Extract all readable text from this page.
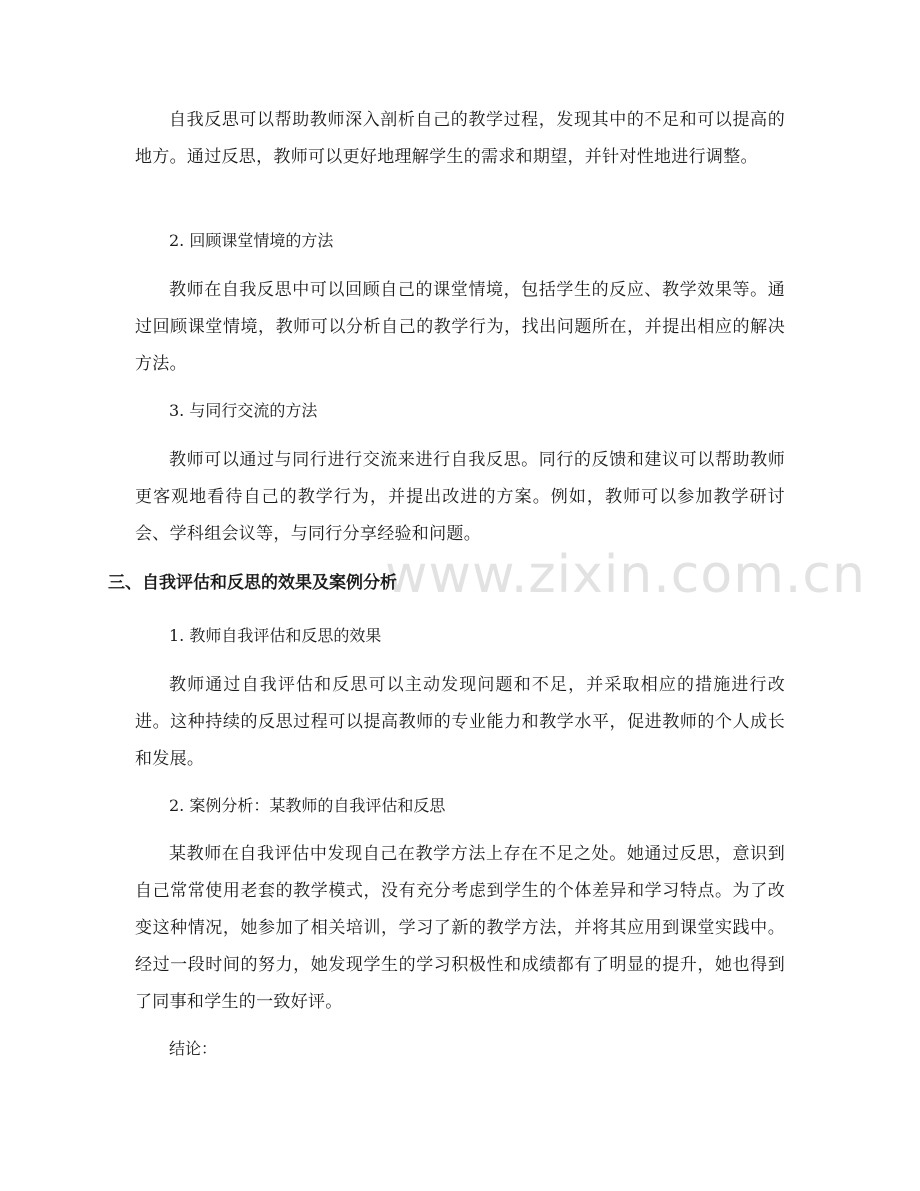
www.zixin.com.cn

自我反思可以帮助教师深入剖析自己的教学过程，发现其中的不足和可以提高的地方。通过反思，教师可以更好地理解学生的需求和期望，并针对性地进行调整。

2. 回顾课堂情境的方法

教师在自我反思中可以回顾自己的课堂情境，包括学生的反应、教学效果等。通过回顾课堂情境，教师可以分析自己的教学行为，找出问题所在，并提出相应的解决方法。

3. 与同行交流的方法

教师可以通过与同行进行交流来进行自我反思。同行的反馈和建议可以帮助教师更客观地看待自己的教学行为，并提出改进的方案。例如，教师可以参加教学研讨会、学科组会议等，与同行分享经验和问题。

三、自我评估和反思的效果及案例分析

1. 教师自我评估和反思的效果

教师通过自我评估和反思可以主动发现问题和不足，并采取相应的措施进行改进。这种持续的反思过程可以提高教师的专业能力和教学水平，促进教师的个人成长和发展。

2. 案例分析：某教师的自我评估和反思

某教师在自我评估中发现自己在教学方法上存在不足之处。她通过反思，意识到自己常常使用老套的教学模式，没有充分考虑到学生的个体差异和学习特点。为了改变这种情况，她参加了相关培训，学习了新的教学方法，并将其应用到课堂实践中。经过一段时间的努力，她发现学生的学习积极性和成绩都有了明显的提升，她也得到了同事和学生的一致好评。

结论：
